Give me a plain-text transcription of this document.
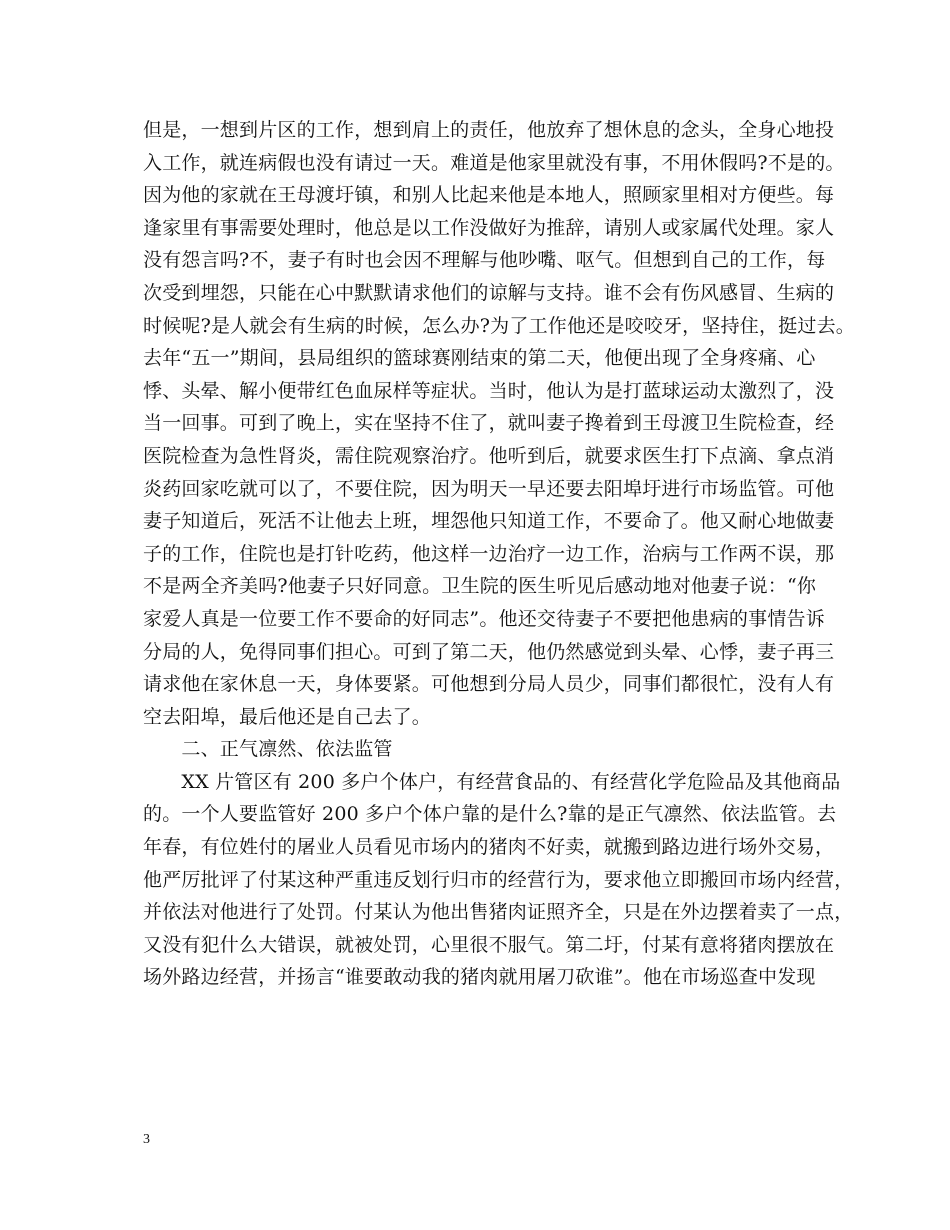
但是，一想到片区的工作，想到肩上的责任，他放弃了想休息的念头，全身心地投
入工作，就连病假也没有请过一天。难道是他家里就没有事，不用休假吗?不是的。
因为他的家就在王母渡圩镇，和别人比起来他是本地人，照顾家里相对方便些。每
逢家里有事需要处理时，他总是以工作没做好为推辞，请别人或家属代处理。家人
没有怨言吗?不，妻子有时也会因不理解与他吵嘴、呕气。但想到自己的工作，每
次受到埋怨，只能在心中默默请求他们的谅解与支持。谁不会有伤风感冒、生病的
时候呢?是人就会有生病的时候，怎么办?为了工作他还是咬咬牙，坚持住，挺过去。
去年“五一”期间，县局组织的篮球赛刚结束的第二天，他便出现了全身疼痛、心
悸、头晕、解小便带红色血尿样等症状。当时，他认为是打蓝球运动太激烈了，没
当一回事。可到了晚上，实在坚持不住了，就叫妻子搀着到王母渡卫生院检查，经
医院检查为急性肾炎，需住院观察治疗。他听到后，就要求医生打下点滴、拿点消
炎药回家吃就可以了，不要住院，因为明天一早还要去阳埠圩进行市场监管。可他
妻子知道后，死活不让他去上班，埋怨他只知道工作，不要命了。他又耐心地做妻
子的工作，住院也是打针吃药，他这样一边治疗一边工作，治病与工作两不误，那
不是两全齐美吗?他妻子只好同意。卫生院的医生听见后感动地对他妻子说：“你
家爱人真是一位要工作不要命的好同志”。他还交待妻子不要把他患病的事情告诉
分局的人，免得同事们担心。可到了第二天，他仍然感觉到头晕、心悸，妻子再三
请求他在家休息一天，身体要紧。可他想到分局人员少，同事们都很忙，没有人有
空去阳埠，最后他还是自己去了。
　　二、正气凛然、依法监管
　　XX 片管区有 200 多户个体户，有经营食品的、有经营化学危险品及其他商品
的。一个人要监管好 200 多户个体户靠的是什么?靠的是正气凛然、依法监管。去
年春，有位姓付的屠业人员看见市场内的猪肉不好卖，就搬到路边进行场外交易，
他严厉批评了付某这种严重违反划行归市的经营行为，要求他立即搬回市场内经营，
并依法对他进行了处罚。付某认为他出售猪肉证照齐全，只是在外边摆着卖了一点，
又没有犯什么大错误，就被处罚，心里很不服气。第二圩，付某有意将猪肉摆放在
场外路边经营，并扬言“谁要敢动我的猪肉就用屠刀砍谁”。他在市场巡查中发现
3
